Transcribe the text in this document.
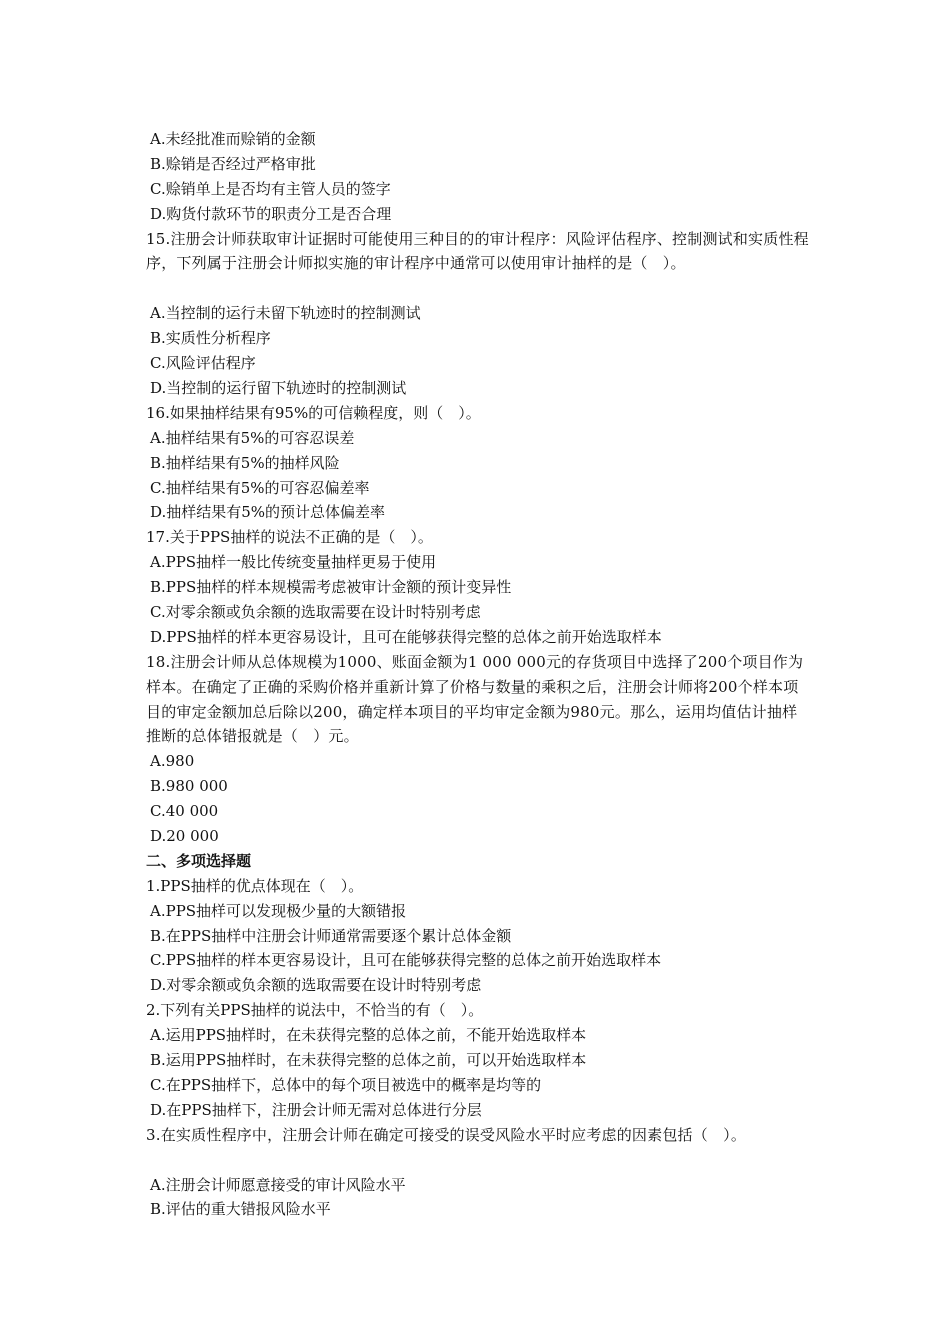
A.未经批准而赊销的金额
B.赊销是否经过严格审批
C.赊销单上是否均有主管人员的签字
D.购货付款环节的职责分工是否合理
15.注册会计师获取审计证据时可能使用三种目的的审计程序：风险评估程序、控制测试和实质性程序，下列属于注册会计师拟实施的审计程序中通常可以使用审计抽样的是（　）。
A.当控制的运行未留下轨迹时的控制测试
B.实质性分析程序
C.风险评估程序
D.当控制的运行留下轨迹时的控制测试
16.如果抽样结果有95%的可信赖程度，则（　）。
A.抽样结果有5%的可容忍误差
B.抽样结果有5%的抽样风险
C.抽样结果有5%的可容忍偏差率
D.抽样结果有5%的预计总体偏差率
17.关于PPS抽样的说法不正确的是（　）。
A.PPS抽样一般比传统变量抽样更易于使用
B.PPS抽样的样本规模需考虑被审计金额的预计变异性
C.对零余额或负余额的选取需要在设计时特别考虑
D.PPS抽样的样本更容易设计，且可在能够获得完整的总体之前开始选取样本
18.注册会计师从总体规模为1000、账面金额为1 000 000元的存货项目中选择了200个项目作为样本。在确定了正确的采购价格并重新计算了价格与数量的乘积之后，注册会计师将200个样本项目的审定金额加总后除以200，确定样本项目的平均审定金额为980元。那么，运用均值估计抽样推断的总体错报就是（　）元。
A.980
B.980 000
C.40 000
D.20 000
二、多项选择题
1.PPS抽样的优点体现在（　）。
A.PPS抽样可以发现极少量的大额错报
B.在PPS抽样中注册会计师通常需要逐个累计总体金额
C.PPS抽样的样本更容易设计，且可在能够获得完整的总体之前开始选取样本
D.对零余额或负余额的选取需要在设计时特别考虑
2.下列有关PPS抽样的说法中，不恰当的有（　）。
A.运用PPS抽样时，在未获得完整的总体之前，不能开始选取样本
B.运用PPS抽样时，在未获得完整的总体之前，可以开始选取样本
C.在PPS抽样下，总体中的每个项目被选中的概率是均等的
D.在PPS抽样下，注册会计师无需对总体进行分层
3.在实质性程序中，注册会计师在确定可接受的误受风险水平时应考虑的因素包括（　）。
A.注册会计师愿意接受的审计风险水平
B.评估的重大错报风险水平
